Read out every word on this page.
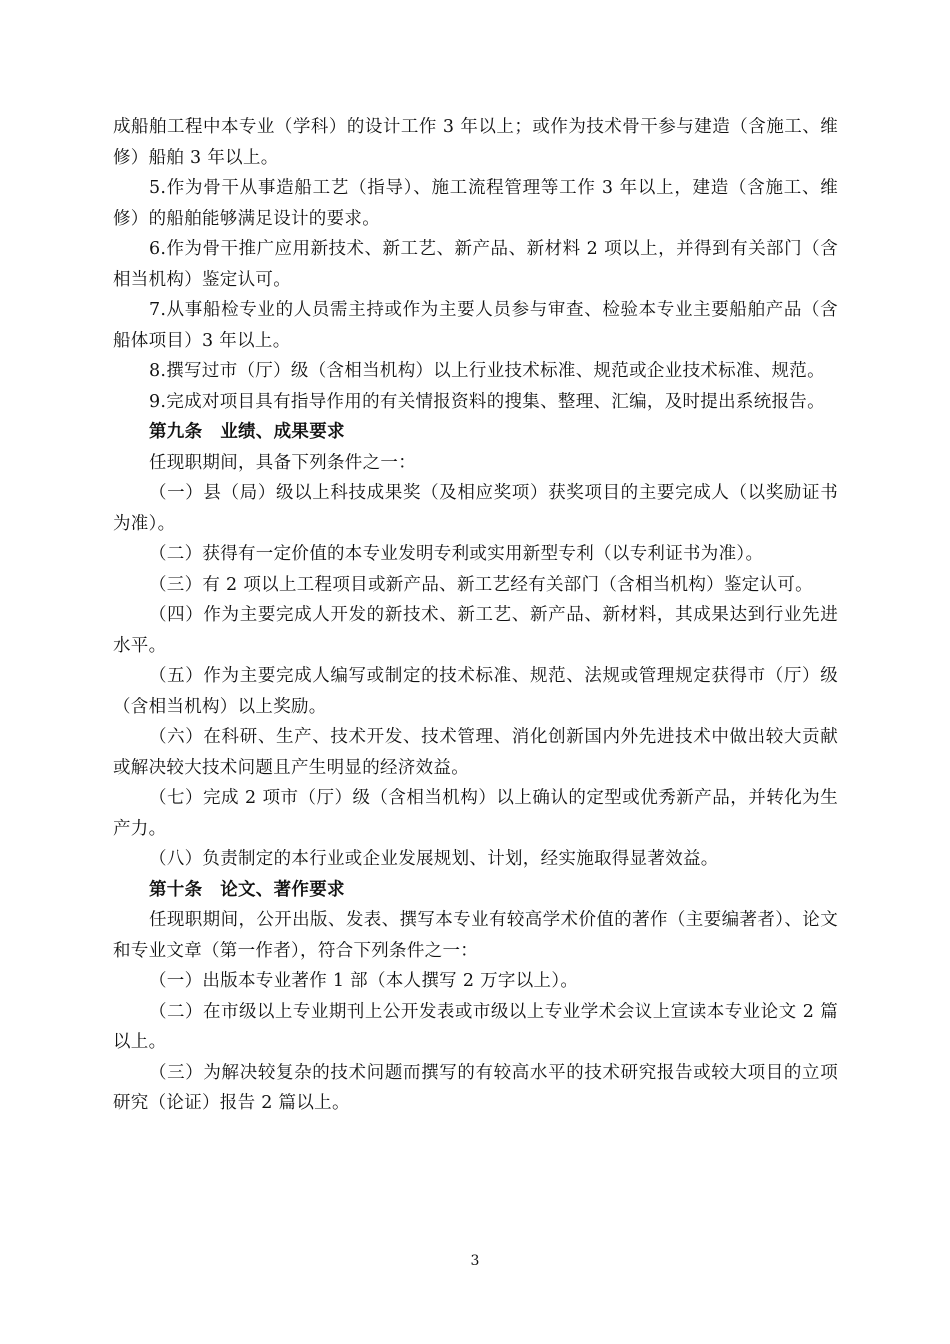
成船舶工程中本专业（学科）的设计工作 3 年以上；或作为技术骨干参与建造（含施工、维修）船舶 3 年以上。

5.作为骨干从事造船工艺（指导）、施工流程管理等工作 3 年以上，建造（含施工、维修）的船舶能够满足设计的要求。

6.作为骨干推广应用新技术、新工艺、新产品、新材料 2 项以上，并得到有关部门（含相当机构）鉴定认可。

7.从事船检专业的人员需主持或作为主要人员参与审查、检验本专业主要船舶产品（含船体项目）3 年以上。

8.撰写过市（厅）级（含相当机构）以上行业技术标准、规范或企业技术标准、规范。

9.完成对项目具有指导作用的有关情报资料的搜集、整理、汇编，及时提出系统报告。

第九条　业绩、成果要求

任现职期间，具备下列条件之一：

（一）县（局）级以上科技成果奖（及相应奖项）获奖项目的主要完成人（以奖励证书为准）。

（二）获得有一定价值的本专业发明专利或实用新型专利（以专利证书为准）。

（三）有 2 项以上工程项目或新产品、新工艺经有关部门（含相当机构）鉴定认可。

（四）作为主要完成人开发的新技术、新工艺、新产品、新材料，其成果达到行业先进水平。

（五）作为主要完成人编写或制定的技术标准、规范、法规或管理规定获得市（厅）级（含相当机构）以上奖励。

（六）在科研、生产、技术开发、技术管理、消化创新国内外先进技术中做出较大贡献或解决较大技术问题且产生明显的经济效益。

（七）完成 2 项市（厅）级（含相当机构）以上确认的定型或优秀新产品，并转化为生产力。

（八）负责制定的本行业或企业发展规划、计划，经实施取得显著效益。

第十条　论文、著作要求

任现职期间，公开出版、发表、撰写本专业有较高学术价值的著作（主要编著者）、论文和专业文章（第一作者），符合下列条件之一：

（一）出版本专业著作 1 部（本人撰写 2 万字以上）。

（二）在市级以上专业期刊上公开发表或市级以上专业学术会议上宣读本专业论文 2 篇以上。

（三）为解决较复杂的技术问题而撰写的有较高水平的技术研究报告或较大项目的立项研究（论证）报告 2 篇以上。

3
